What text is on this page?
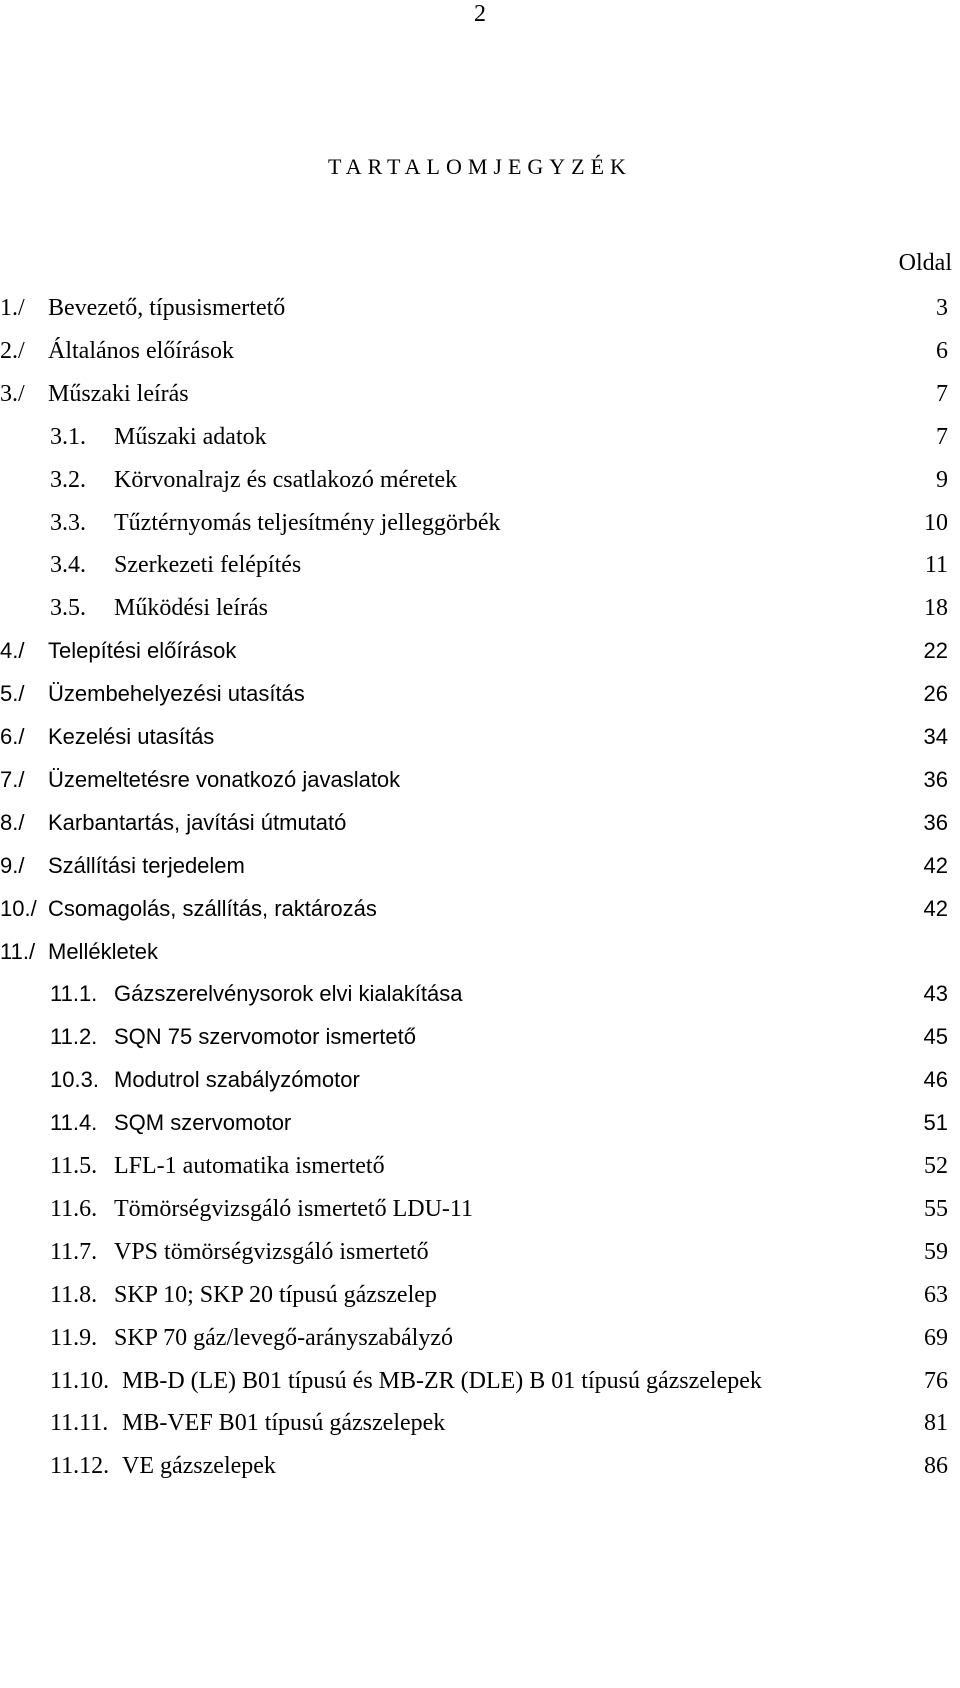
2
TARTALOMJEGYZÉK
Oldal
1./ Bevezető, típusismertető	3
2./ Általános előírások	6
3./ Műszaki leírás	7
3.1. Műszaki adatok	7
3.2. Körvonalrajz és csatlakozó méretek	9
3.3. Tűztérnyomás teljesítmény jelleggörbék	10
3.4. Szerkezeti felépítés	11
3.5. Működési leírás	18
4./ Telepítési előírások	22
5./ Üzembehelyezési utasítás	26
6./ Kezelési utasítás	34
7./ Üzemeltetésre vonatkozó javaslatok	36
8./ Karbantartás, javítási útmutató	36
9./ Szállítási terjedelem	42
10./ Csomagolás, szállítás, raktározás	42
11./ Mellékletek
11.1. Gázszerelvénysorok elvi kialakítása	43
11.2. SQN 75 szervomotor ismertető	45
10.3. Modutrol szabályzómotor	46
11.4. SQM szervomotor	51
11.5. LFL-1 automatika ismertető	52
11.6. Tömörségvizsgáló ismertető LDU-11	55
11.7. VPS tömörségvizsgáló ismertető	59
11.8. SKP 10; SKP 20 típusú gázszelep	63
11.9. SKP 70 gáz/levegő-arányszabályzó	69
11.10. MB-D (LE) B01 típusú és MB-ZR (DLE) B 01 típusú gázszelepek	76
11.11. MB-VEF B01 típusú gázszelepek	81
11.12. VE gázszelepek	86
